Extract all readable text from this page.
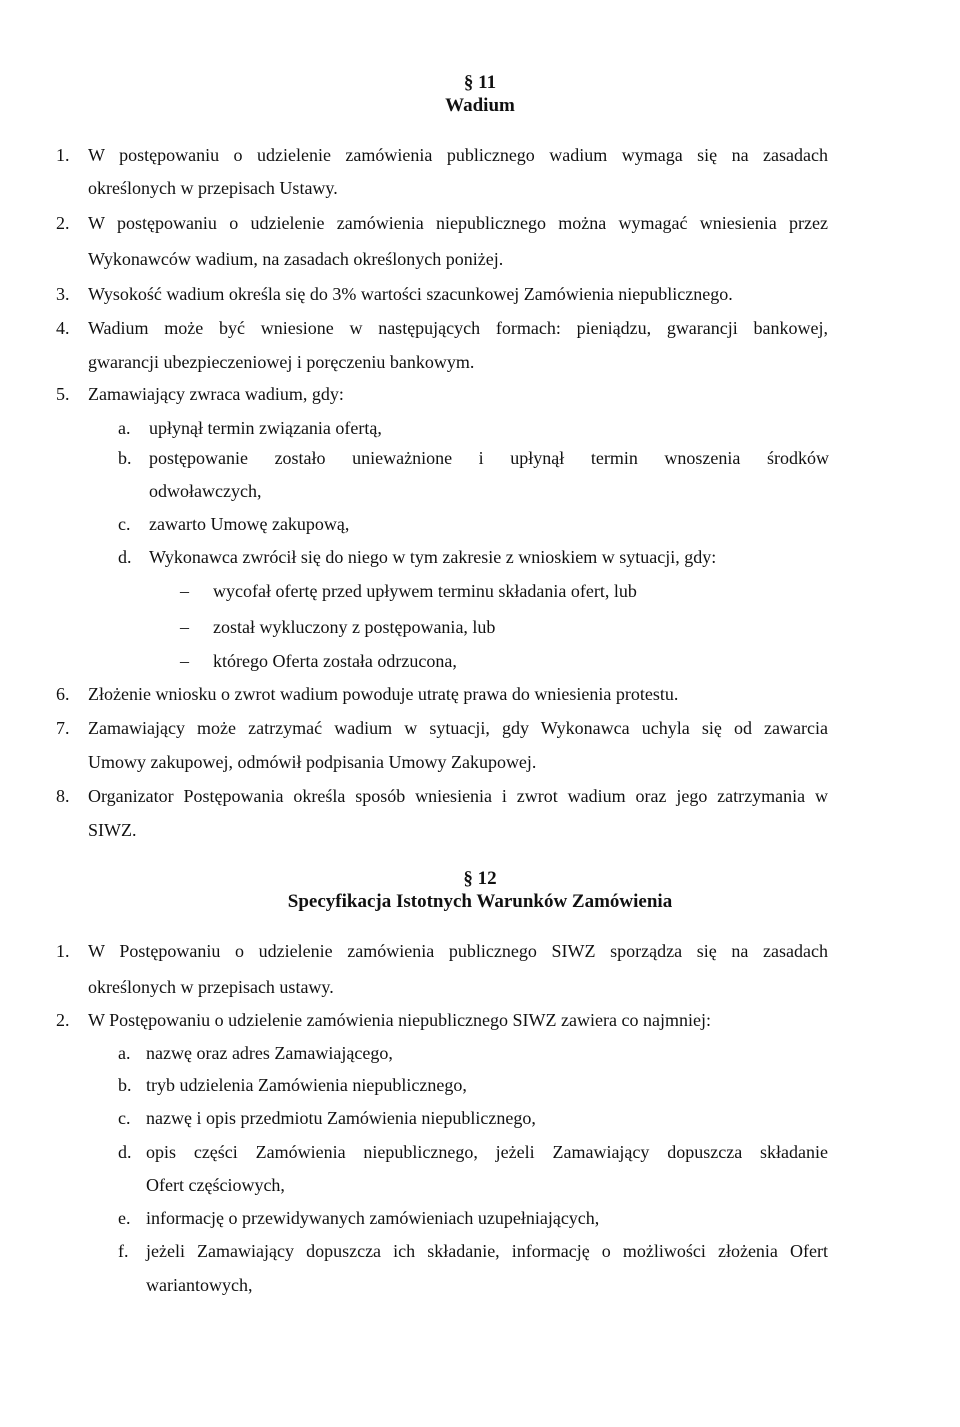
§ 11
Wadium
1. W postępowaniu o udzielenie zamówienia publicznego wadium wymaga się na zasadach
określonych w przepisach Ustawy.
2. W postępowaniu o udzielenie zamówienia niepublicznego można wymagać wniesienia przez
Wykonawców wadium, na zasadach określonych poniżej.
3. Wysokość wadium określa się do 3% wartości szacunkowej Zamówienia niepublicznego.
4. Wadium może być wniesione w następujących formach: pieniądzu, gwarancji bankowej,
gwarancji ubezpieczeniowej i poręczeniu bankowym.
5. Zamawiający zwraca wadium, gdy:
a. upłynął termin związania ofertą,
b. postępowanie zostało unieważnione i upłynął termin wnoszenia środków
odwoławczych,
c. zawarto Umowę zakupową,
d. Wykonawca zwrócił się do niego w tym zakresie z wnioskiem w sytuacji, gdy:
– wycofał ofertę przed upływem terminu składania ofert, lub
– został wykluczony z postępowania, lub
– którego Oferta została odrzucona,
6. Złożenie wniosku o zwrot wadium powoduje utratę prawa do wniesienia protestu.
7. Zamawiający może zatrzymać wadium w sytuacji, gdy Wykonawca uchyla się od zawarcia
Umowy zakupowej, odmówił podpisania Umowy Zakupowej.
8. Organizator Postępowania określa sposób wniesienia i zwrot wadium oraz jego zatrzymania w
SIWZ.
§ 12
Specyfikacja Istotnych Warunków Zamówienia
1. W Postępowaniu o udzielenie zamówienia publicznego SIWZ sporządza się na zasadach
określonych w przepisach ustawy.
2. W Postępowaniu o udzielenie zamówienia niepublicznego SIWZ zawiera co najmniej:
a. nazwę oraz adres Zamawiającego,
b. tryb udzielenia Zamówienia niepublicznego,
c. nazwę i opis przedmiotu Zamówienia niepublicznego,
d. opis części Zamówienia niepublicznego, jeżeli Zamawiający dopuszcza składanie
Ofert częściowych,
e. informację o przewidywanych zamówieniach uzupełniających,
f. jeżeli Zamawiający dopuszcza ich składanie, informację o możliwości złożenia Ofert
wariantowych,
